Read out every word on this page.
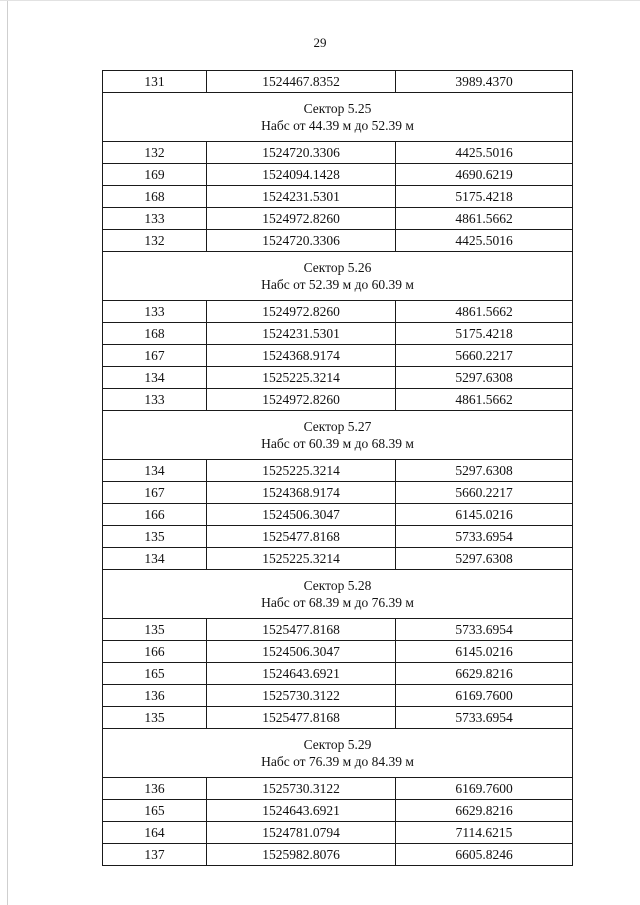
29
131	1524467.8352	3989.4370

Сектор 5.25
Набс от 44.39 м до 52.39 м		

132	1524720.3306	4425.5016
169	1524094.1428	4690.6219
168	1524231.5301	5175.4218
133	1524972.8260	4861.5662
132	1524720.3306	4425.5016

Сектор 5.26
Набс от 52.39 м до 60.39 м		

133	1524972.8260	4861.5662
168	1524231.5301	5175.4218
167	1524368.9174	5660.2217
134	1525225.3214	5297.6308
133	1524972.8260	4861.5662

Сектор 5.27
Набс от 60.39 м до 68.39 м		

134	1525225.3214	5297.6308
167	1524368.9174	5660.2217
166	1524506.3047	6145.0216
135	1525477.8168	5733.6954
134	1525225.3214	5297.6308

Сектор 5.28
Набс от 68.39 м до 76.39 м		

135	1525477.8168	5733.6954
166	1524506.3047	6145.0216
165	1524643.6921	6629.8216
136	1525730.3122	6169.7600
135	1525477.8168	5733.6954

Сектор 5.29
Набс от 76.39 м до 84.39 м		

136	1525730.3122	6169.7600
165	1524643.6921	6629.8216
164	1524781.0794	7114.6215
137	1525982.8076	6605.8246
